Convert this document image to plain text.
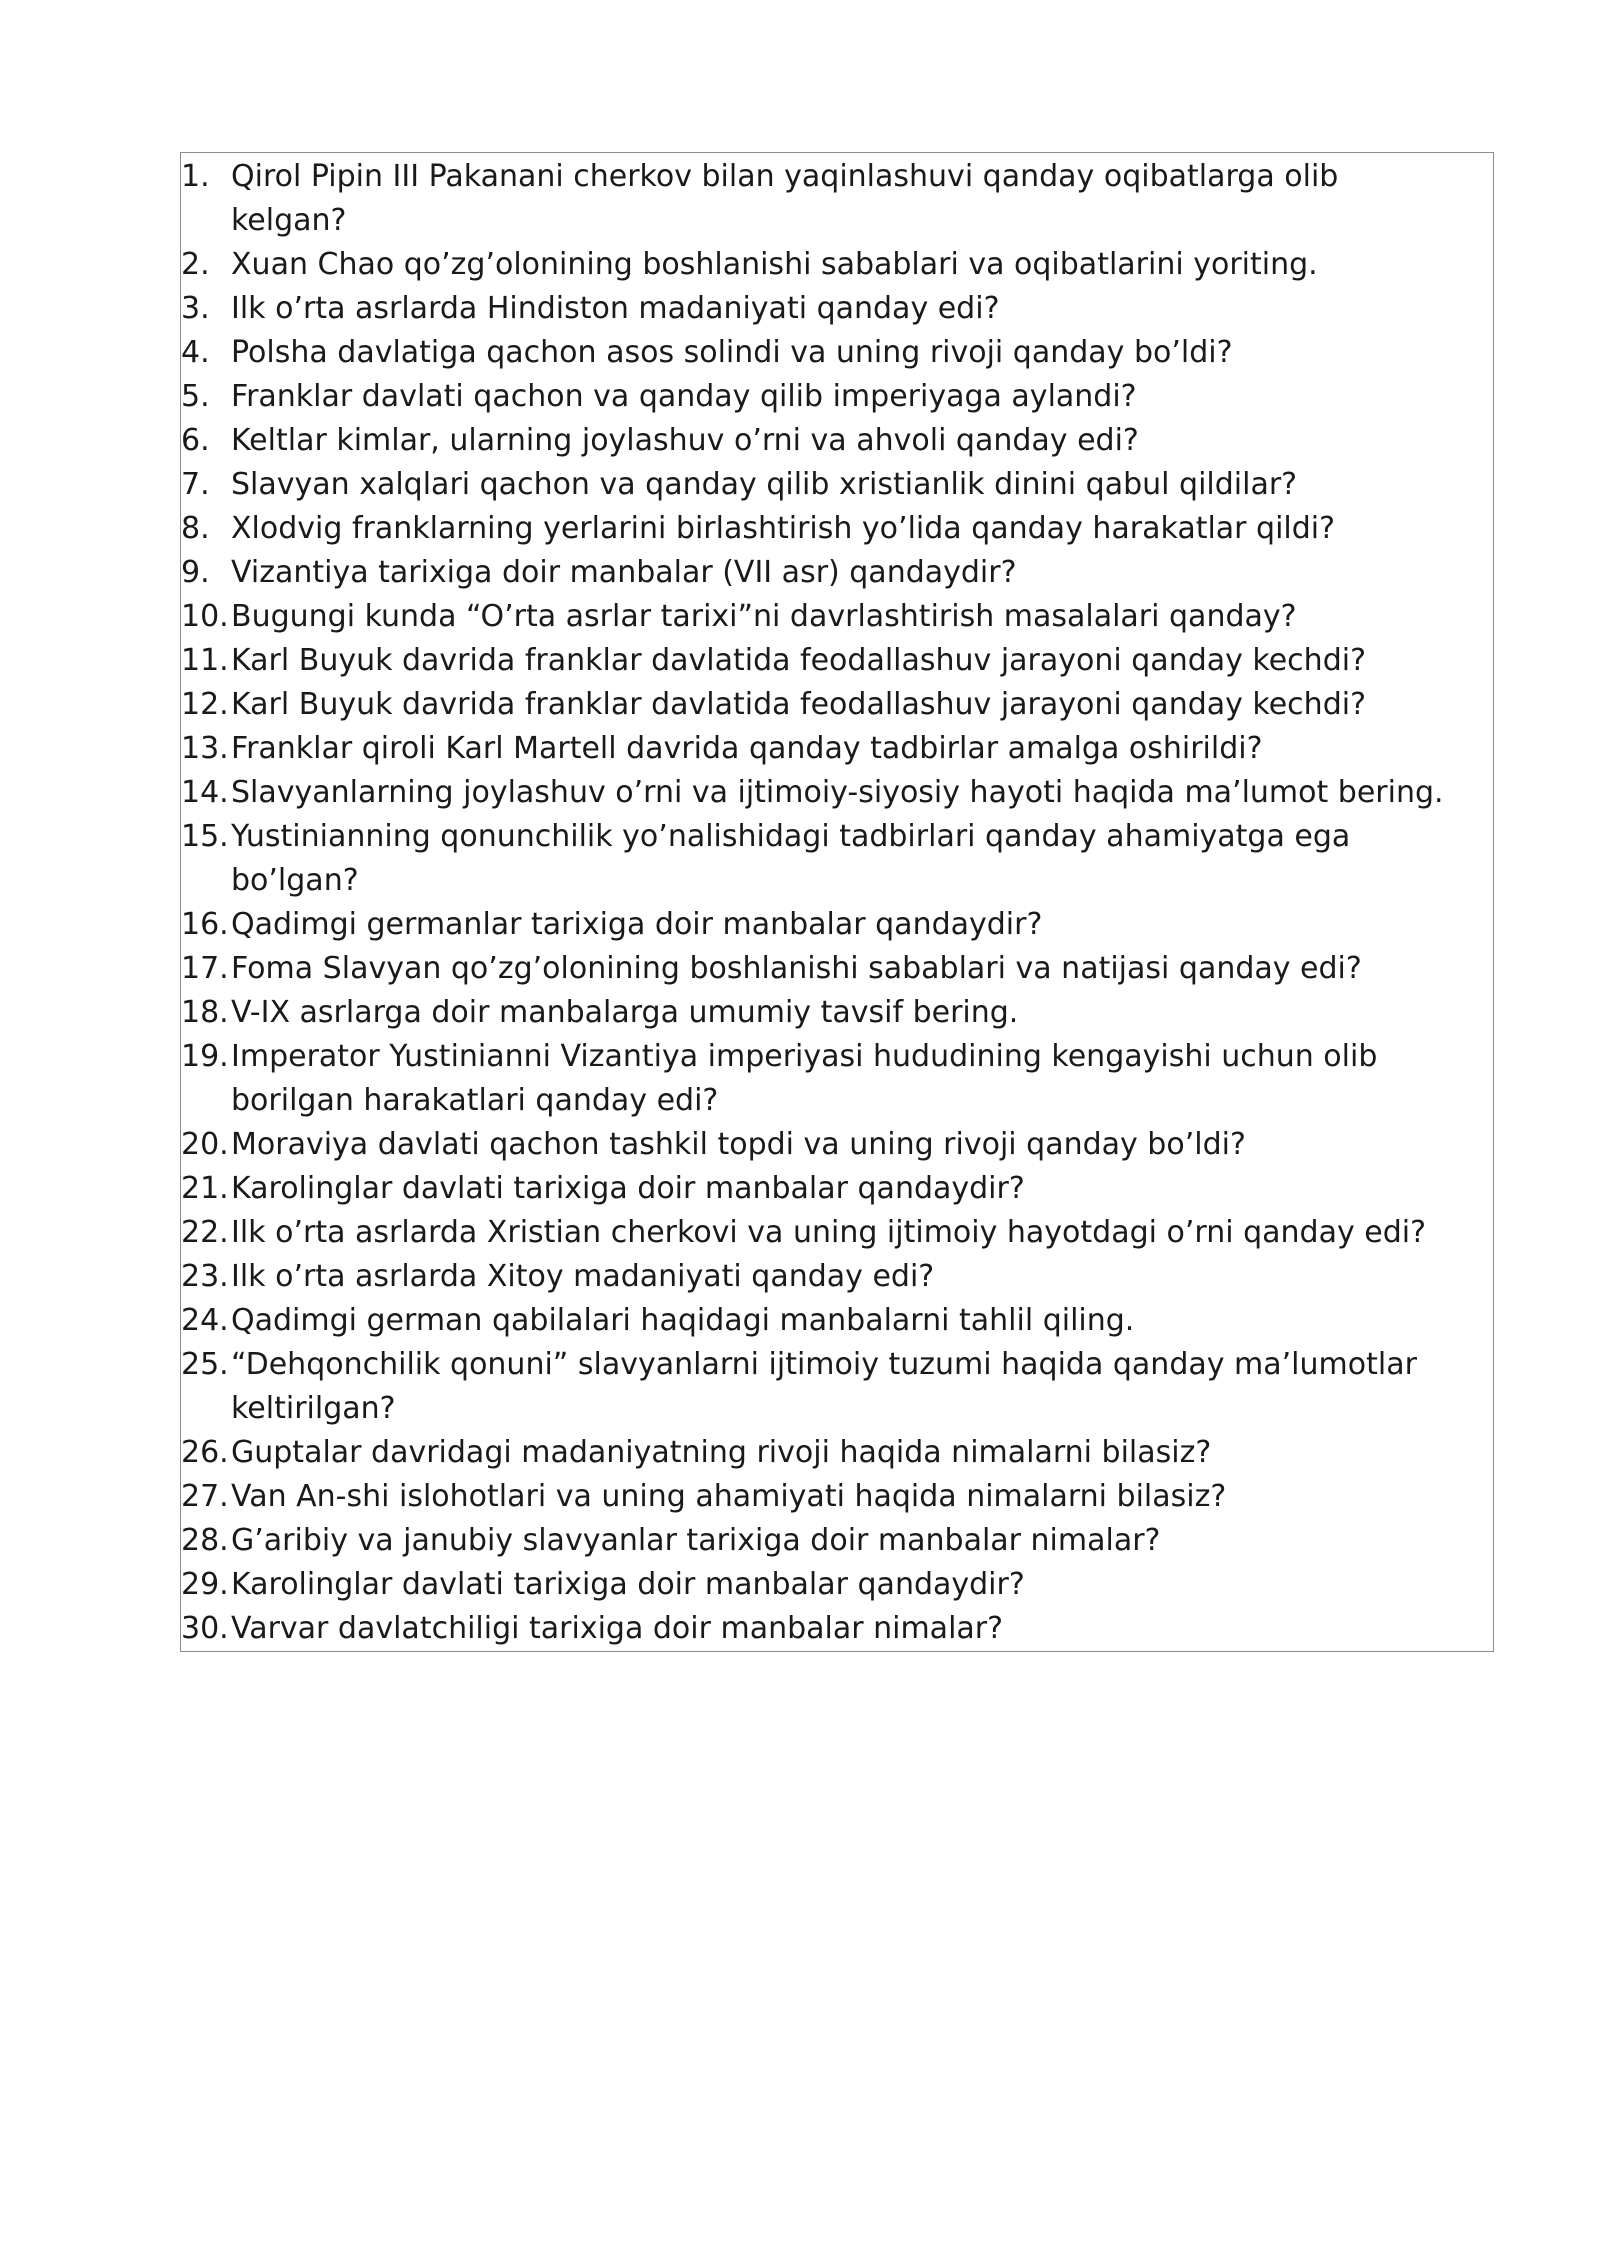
1. Qirol Pipin III Pakanani cherkov bilan yaqinlashuvi qanday oqibatlarga olib kelgan?
2. Xuan Chao qo’zg’olonining boshlanishi sabablari va oqibatlarini yoriting.
3. Ilk o’rta asrlarda Hindiston madaniyati qanday edi?
4. Polsha davlatiga qachon asos solindi va uning rivoji qanday bo’ldi?
5. Franklar davlati qachon va qanday qilib imperiyaga aylandi?
6. Keltlar kimlar, ularning joylashuv o’rni va ahvoli qanday edi?
7. Slavyan xalqlari qachon va qanday qilib xristianlik dinini qabul qildilar?
8. Xlodvig franklarning yerlarini birlashtirish yo’lida qanday harakatlar qildi?
9. Vizantiya tarixiga doir manbalar (VII asr) qandaydir?
10. Bugungi kunda “O’rta asrlar tarixi”ni davrlashtirish masalalari qanday?
11. Karl Buyuk davrida franklar davlatida feodallashuv jarayoni qanday kechdi?
12. Karl Buyuk davrida franklar davlatida feodallashuv jarayoni qanday kechdi?
13. Franklar qiroli Karl Martell davrida qanday tadbirlar amalga oshirildi?
14. Slavyanlarning joylashuv o’rni va ijtimoiy-siyosiy hayoti haqida ma’lumot bering.
15. Yustinianning qonunchilik yo’nalishidagi tadbirlari qanday ahamiyatga ega bo’lgan?
16. Qadimgi germanlar tarixiga doir manbalar qandaydir?
17. Foma Slavyan qo’zg’olonining boshlanishi sabablari va natijasi qanday edi?
18. V-IX asrlarga doir manbalarga umumiy tavsif bering.
19. Imperator Yustinianni Vizantiya imperiyasi hududining kengayishi uchun olib borilgan harakatlari qanday edi?
20. Moraviya davlati qachon tashkil topdi va uning rivoji qanday bo’ldi?
21. Karolinglar davlati tarixiga doir manbalar qandaydir?
22. Ilk o’rta asrlarda Xristian cherkovi va uning ijtimoiy hayotdagi o’rni qanday edi?
23. Ilk o’rta asrlarda Xitoy madaniyati qanday edi?
24. Qadimgi german qabilalari haqidagi manbalarni tahlil qiling.
25. “Dehqonchilik qonuni” slavyanlarni ijtimoiy tuzumi haqida qanday ma’lumotlar keltirilgan?
26. Guptalar davridagi madaniyatning rivoji haqida nimalarni bilasiz?
27. Van An-shi islohotlari va uning ahamiyati haqida nimalarni bilasiz?
28. G’aribiy va janubiy slavyanlar tarixiga doir manbalar nimalar?
29. Karolinglar davlati tarixiga doir manbalar qandaydir?
30. Varvar davlatchiligi tarixiga doir manbalar nimalar?
